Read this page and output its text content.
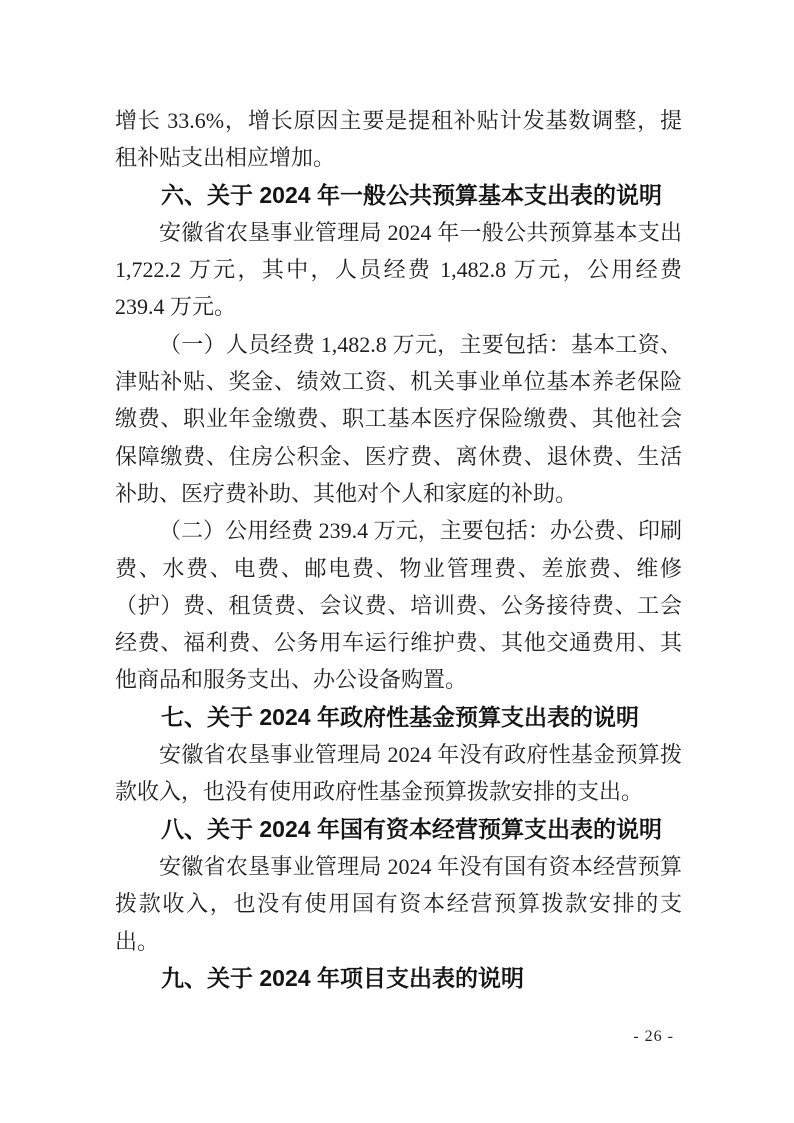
增长 33.6%，增长原因主要是提租补贴计发基数调整，提租补贴支出相应增加。

六、关于 2024 年一般公共预算基本支出表的说明

安徽省农垦事业管理局 2024 年一般公共预算基本支出 1,722.2 万元，其中，人员经费 1,482.8 万元，公用经费 239.4 万元。

（一）人员经费 1,482.8 万元，主要包括：基本工资、津贴补贴、奖金、绩效工资、机关事业单位基本养老保险缴费、职业年金缴费、职工基本医疗保险缴费、其他社会保障缴费、住房公积金、医疗费、离休费、退休费、生活补助、医疗费补助、其他对个人和家庭的补助。

（二）公用经费 239.4 万元，主要包括：办公费、印刷费、水费、电费、邮电费、物业管理费、差旅费、维修（护）费、租赁费、会议费、培训费、公务接待费、工会经费、福利费、公务用车运行维护费、其他交通费用、其他商品和服务支出、办公设备购置。

七、关于 2024 年政府性基金预算支出表的说明

安徽省农垦事业管理局 2024 年没有政府性基金预算拨款收入，也没有使用政府性基金预算拨款安排的支出。

八、关于 2024 年国有资本经营预算支出表的说明

安徽省农垦事业管理局 2024 年没有国有资本经营预算拨款收入，也没有使用国有资本经营预算拨款安排的支出。

九、关于 2024 年项目支出表的说明

- 26 -
